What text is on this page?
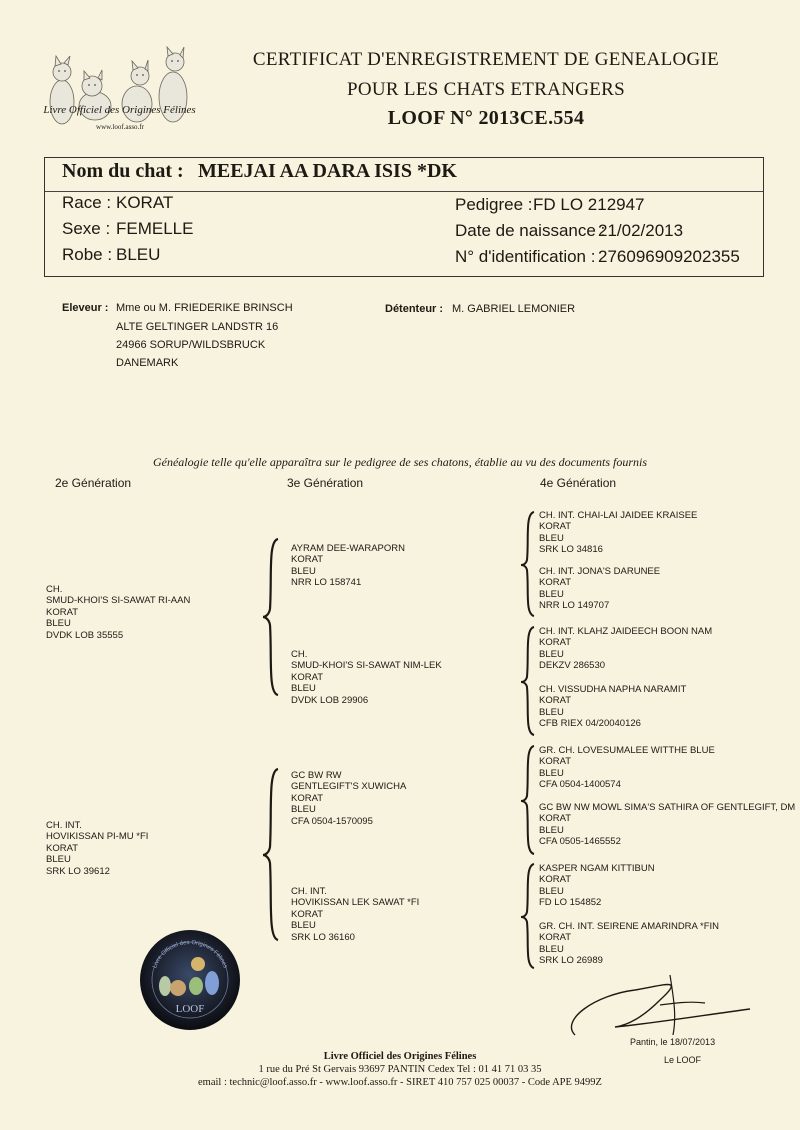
Livre Officiel des Origines Félines
www.loof.asso.fr
CERTIFICAT D'ENREGISTREMENT DE GENEALOGIE
POUR LES CHATS ETRANGERS
LOOF N° 2013CE.554
Nom du chat : MEEJAI AA DARA ISIS *DK
Race : KORAT
Sexe : FEMELLE
Robe : BLEU
Pedigree : FD LO 212947
Date de naissance :
21/02/2013
N° d'identification : 276096909202355
Eleveur : Mme ou M. FRIEDERIKE BRINSCH
ALTE GELTINGER LANDSTR 16
24966 SORUP/WILDSBRUCK
DANEMARK
Détenteur : M. GABRIEL LEMONIER
Généalogie telle qu'elle apparaîtra sur le pedigree de ses chatons, établie au vu des documents fournis
2e Génération	3e Génération	4e Génération
CH.
SMUD-KHOI'S SI-SAWAT RI-AAN
KORAT
BLEU
DVDK LOB 35555
CH. INT.
HOVIKISSAN PI-MU *FI
KORAT
BLEU
SRK LO 39612
AYRAM DEE-WARAPORN
KORAT
BLEU
NRR LO 158741
CH.
SMUD-KHOI'S SI-SAWAT NIM-LEK
KORAT
BLEU
DVDK LOB 29906
GC BW RW
GENTLEGIFT'S XUWICHA
KORAT
BLEU
CFA 0504-1570095
CH. INT.
HOVIKISSAN LEK SAWAT *FI
KORAT
BLEU
SRK LO 36160
CH. INT. CHAI-LAI JAIDEE KRAISEE
KORAT
BLEU
SRK LO 34816
CH. INT. JONA'S DARUNEE
KORAT
BLEU
NRR LO 149707
CH. INT. KLAHZ JAIDEECH BOON NAM
KORAT
BLEU
DEKZV 286530
CH. VISSUDHA NAPHA NARAMIT
KORAT
BLEU
CFB RIEX 04/20040126
GR. CH. LOVESUMALEE WITTHE BLUE
KORAT
BLEU
CFA 0504-1400574
GC BW NW MOWL SIMA'S SATHIRA OF GENTLEGIFT, DM
KORAT
BLEU
CFA 0505-1465552
KASPER NGAM KITTIBUN
KORAT
BLEU
FD LO 154852
GR. CH. INT. SEIRENE AMARINDRA *FIN
KORAT
BLEU
SRK LO 26989
LOOF
Livre Officiel des Origines Félines
Pantin, le 18/07/2013
Le LOOF
Livre Officiel des Origines Félines
1 rue du Pré St Gervais 93697 PANTIN Cedex Tel : 01 41 71 03 35
email : technic@loof.asso.fr - www.loof.asso.fr - SIRET 410 757 025 00037 - Code APE 9499Z
